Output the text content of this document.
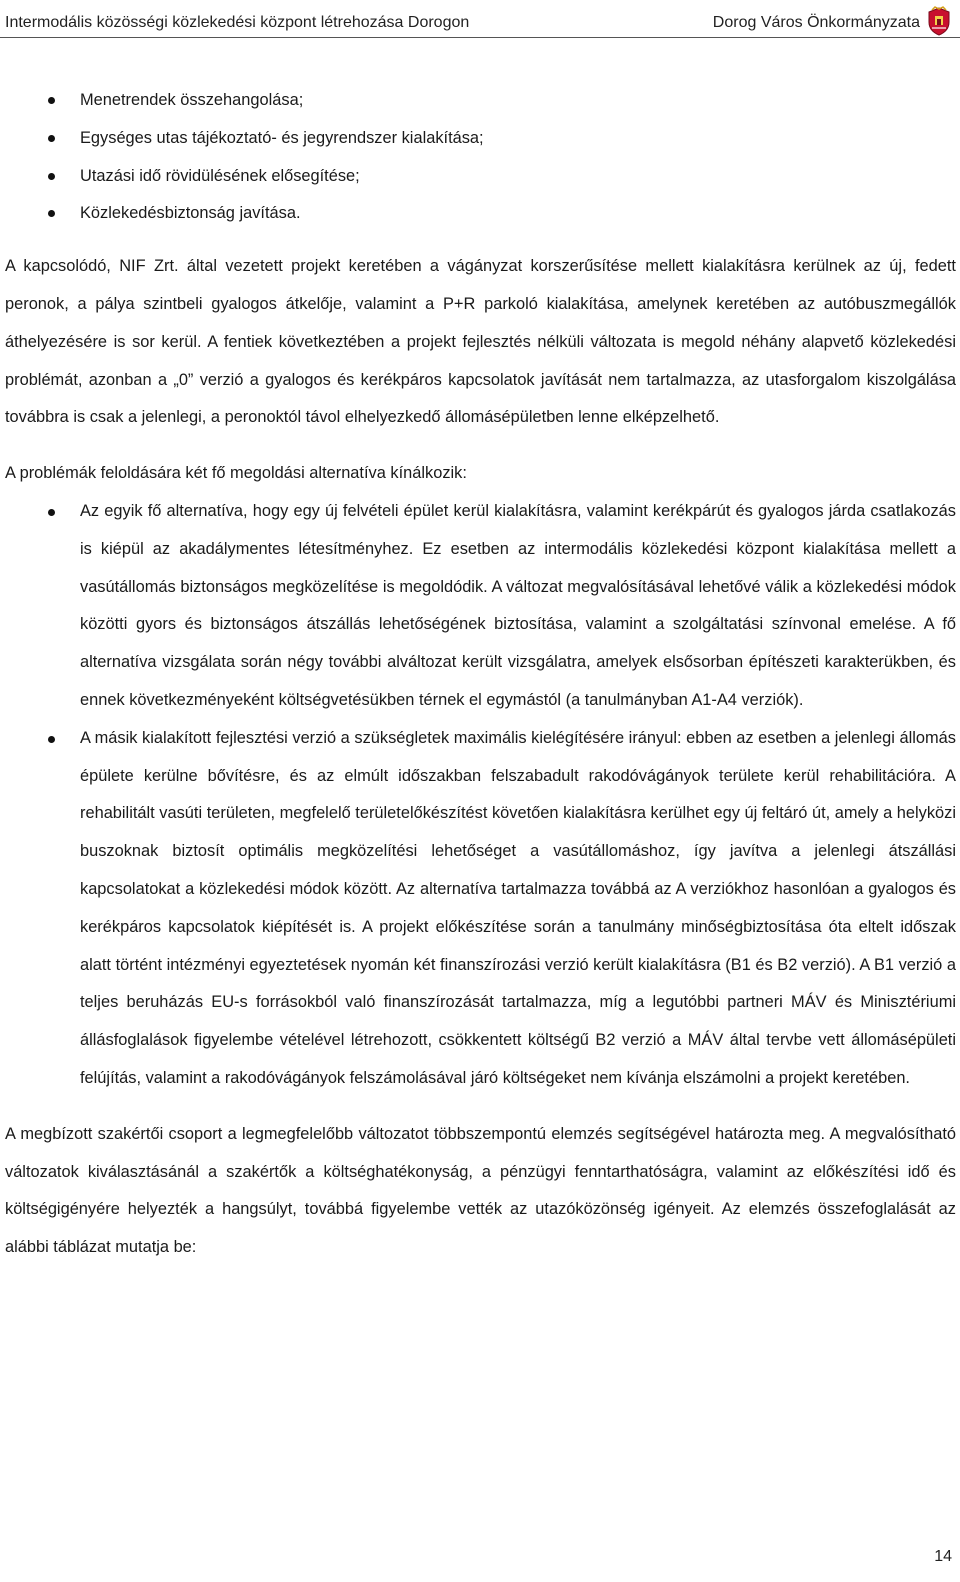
Intermodális közösségi közlekedési központ létrehozása Dorogon	Dorog Város Önkormányzata
Menetrendek összehangolása;
Egységes utas tájékoztató- és jegyrendszer kialakítása;
Utazási idő rövidülésének elősegítése;
Közlekedésbiztonság javítása.

A kapcsolódó, NIF Zrt. által vezetett projekt keretében a vágányzat korszerűsítése mellett kialakításra kerülnek az új, fedett peronok, a pálya szintbeli gyalogos átkelője, valamint a P+R parkoló kialakítása, amelynek keretében az autóbuszmegállók áthelyezésére is sor kerül. A fentiek következtében a projekt fejlesztés nélküli változata is megold néhány alapvető közlekedési problémát, azonban a „0” verzió a gyalogos és kerékpáros kapcsolatok javítását nem tartalmazza, az utasforgalom kiszolgálása továbbra is csak a jelenlegi, a peronoktól távol elhelyezkedő állomásépületben lenne elképzelhető.

A problémák feloldására két fő megoldási alternatíva kínálkozik:

Az egyik fő alternatíva, hogy egy új felvételi épület kerül kialakításra, valamint kerékpárút és gyalogos járda csatlakozás is kiépül az akadálymentes létesítményhez. Ez esetben az intermodális közlekedési központ kialakítása mellett a vasútállomás biztonságos megközelítése is megoldódik. A változat megvalósításával lehetővé válik a közlekedési módok közötti gyors és biztonságos átszállás lehetőségének biztosítása, valamint a szolgáltatási színvonal emelése. A fő alternatíva vizsgálata során négy további alváltozat került vizsgálatra, amelyek elsősorban építészeti karakterükben, és ennek következményeként költségvetésükben térnek el egymástól (a tanulmányban A1-A4 verziók).
A másik kialakított fejlesztési verzió a szükségletek maximális kielégítésére irányul: ebben az esetben a jelenlegi állomás épülete kerülne bővítésre, és az elmúlt időszakban felszabadult rakodóvágányok területe kerül rehabilitációra. A rehabilitált vasúti területen, megfelelő területelőkészítést követően kialakításra kerülhet egy új feltáró út, amely a helyközi buszoknak biztosít optimális megközelítési lehetőséget a vasútállomáshoz, így javítva a jelenlegi átszállási kapcsolatokat a közlekedési módok között. Az alternatíva tartalmazza továbbá az A verziókhoz hasonlóan a gyalogos és kerékpáros kapcsolatok kiépítését is. A projekt előkészítése során a tanulmány minőségbiztosítása óta eltelt időszak alatt történt intézményi egyeztetések nyomán két finanszírozási verzió került kialakításra (B1 és B2 verzió). A B1 verzió a teljes beruházás EU-s forrásokból való finanszírozását tartalmazza, míg a legutóbbi partneri MÁV és Minisztériumi állásfoglalások figyelembe vételével létrehozott, csökkentett költségű B2 verzió a MÁV által tervbe vett állomásépületi felújítás, valamint a rakodóvágányok felszámolásával járó költségeket nem kívánja elszámolni a projekt keretében.

A megbízott szakértői csoport a legmegfelelőbb változatot többszempontú elemzés segítségével határozta meg. A megvalósítható változatok kiválasztásánál a szakértők a költséghatékonyság, a pénzügyi fenntarthatóságra, valamint az előkészítési idő és költségigényére helyezték a hangsúlyt, továbbá figyelembe vették az utazóközönség igényeit. Az elemzés összefoglalását az alábbi táblázat mutatja be:

14
